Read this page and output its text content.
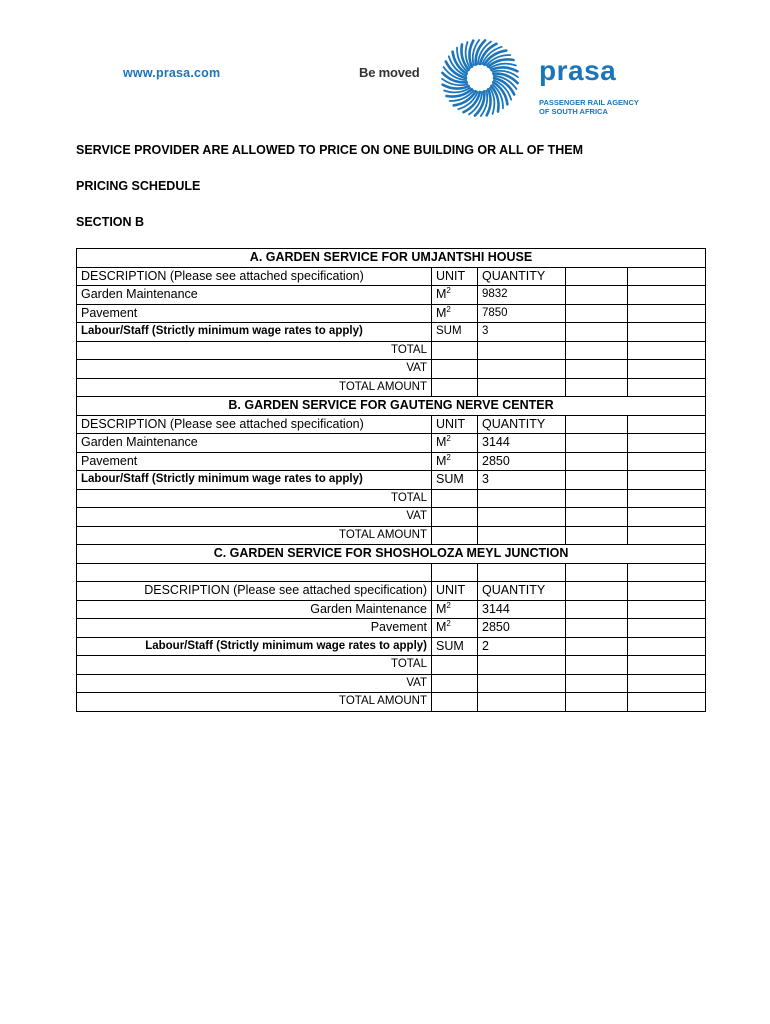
www.prasa.com	Be moved	prasa
PASSENGER RAIL AGENCY
OF SOUTH AFRICA
SERVICE PROVIDER ARE ALLOWED TO PRICE ON ONE BUILDING OR ALL OF THEM
PRICING SCHEDULE
SECTION B
A. GARDEN SERVICE FOR UMJANTSHI HOUSE				
DESCRIPTION (Please see attached specification)	UNIT	QUANTITY		
Garden Maintenance	$M^2$	9832		
Pavement	$M^2$	7850		
Labour/Staff (Strictly minimum wage rates to apply)	SUM	3		
TOTAL				
VAT				
TOTAL AMOUNT				
B. GARDEN SERVICE FOR GAUTENG NERVE CENTER				
DESCRIPTION (Please see attached specification)	UNIT	QUANTITY		
Garden Maintenance	$M^2$	3144		
Pavement	$M^2$	2850		
Labour/Staff (Strictly minimum wage rates to apply)	SUM	3		
TOTAL				
VAT				
TOTAL AMOUNT				
C. GARDEN SERVICE FOR SHOSHOLOZA MEYL JUNCTION				

DESCRIPTION (Please see attached specification)	UNIT	QUANTITY		
Garden Maintenance	$M^2$	3144		
Pavement	$M^2$	2850		
Labour/Staff (Strictly minimum wage rates to apply)	SUM	2		
TOTAL				
VAT				
TOTAL AMOUNT				
